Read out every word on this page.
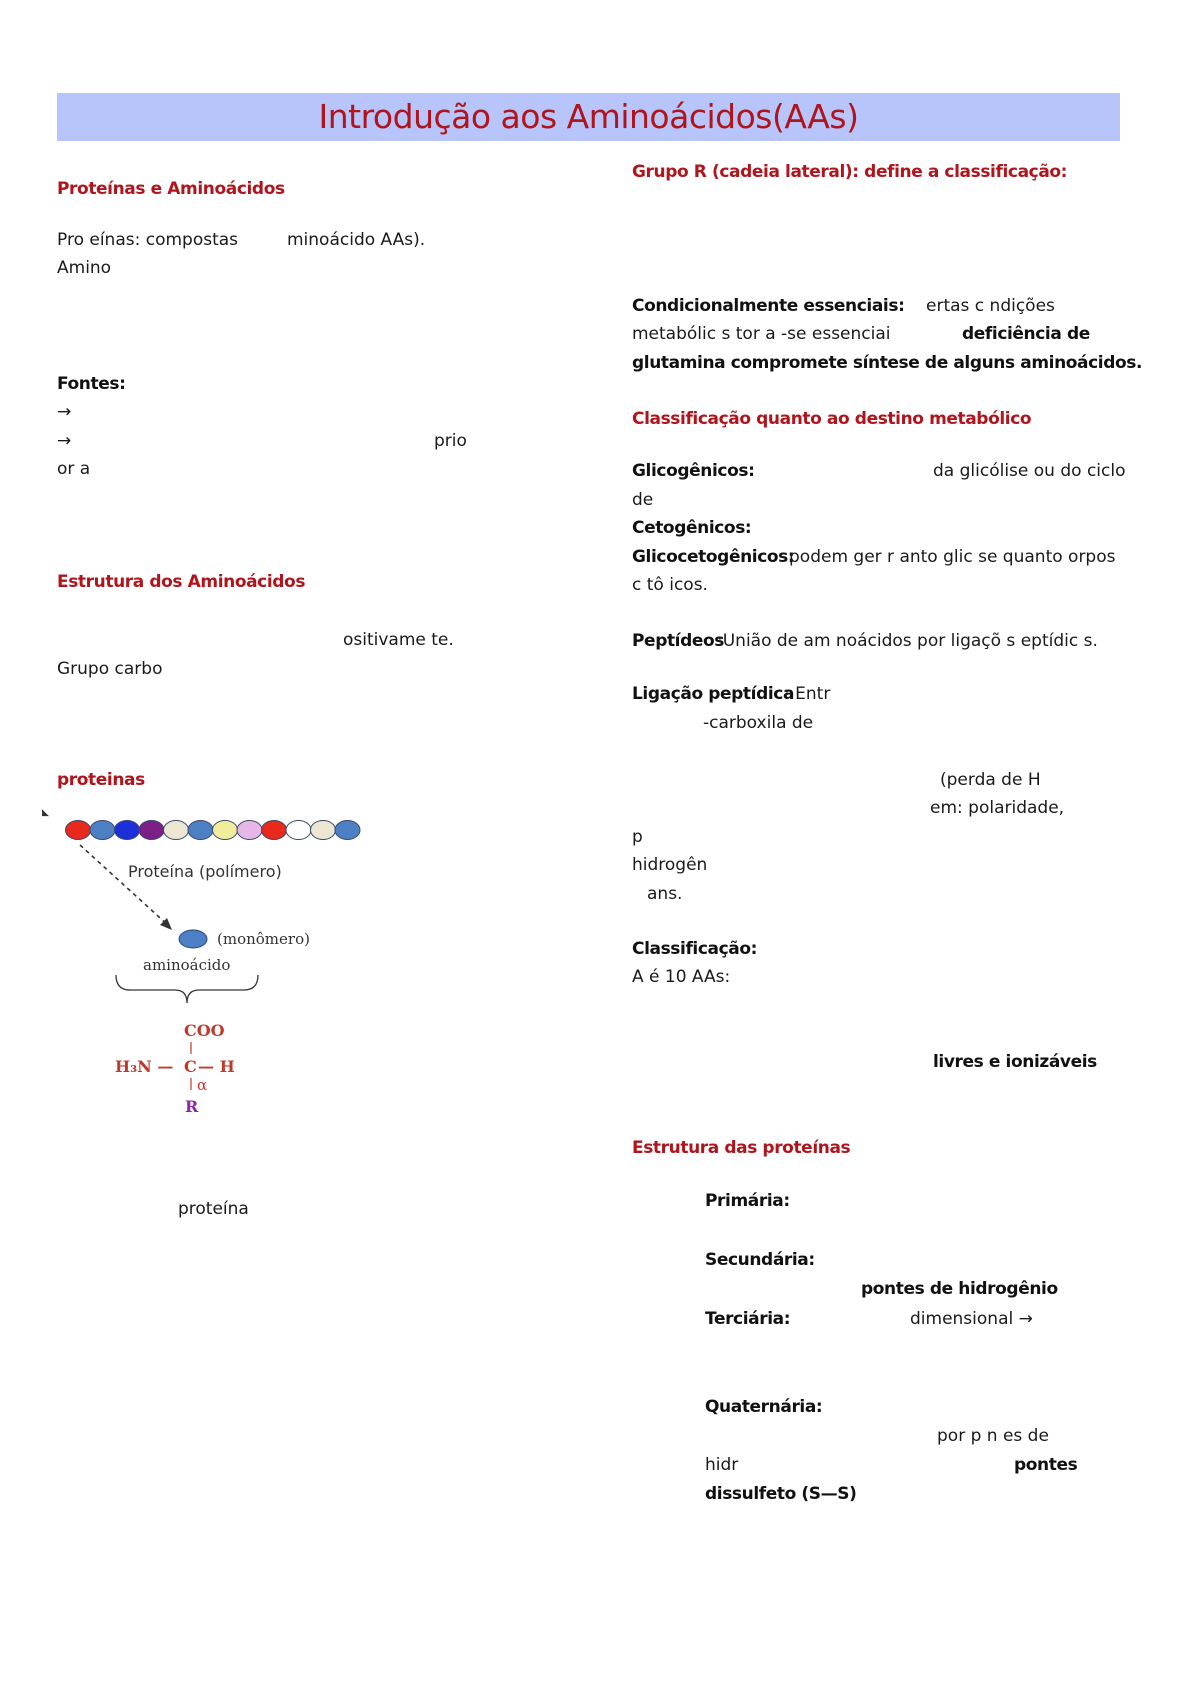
Introdução aos Aminoácidos(AAs)
Proteínas e Aminoácidos
Pro eínas: compostas	minoácido AAs).
Amino
Fontes:
→
→	prio
or a
Estrutura dos Aminoácidos
ositivame te.
Grupo carbo
proteinas
◣
Proteína (polímero)
(monômero)
aminoácido
COO
H₃N — C — H
α
R
proteína
Grupo R (cadeia lateral): define a classificação:
Condicionalmente essenciais: ertas c ndições
metabólic s tor a -se essenciai	deficiência de
glutamina compromete síntese de alguns aminoácidos.
Classificação quanto ao destino metabólico
Glicogênicos:	da glicólise ou do ciclo
de
Cetogênicos:
Glicocetogênicos:
podem ger r anto glic se quanto orpos
c tô icos.
Peptídeos
:União de am noácidos por ligaçõ s eptídic s.
Ligação peptídica
: Entr
-carboxila de
(perda de H
em: polaridade,
p
hidrogên
ans.
Classificação:
A é 10 AAs:
livres e ionizáveis
Estrutura das proteínas
Primária:
Secundária:
pontes de hidrogênio
Terciária:	dimensional →
Quaternária:
por p n es de
hidr	pontes
dissulfeto (S—S)
